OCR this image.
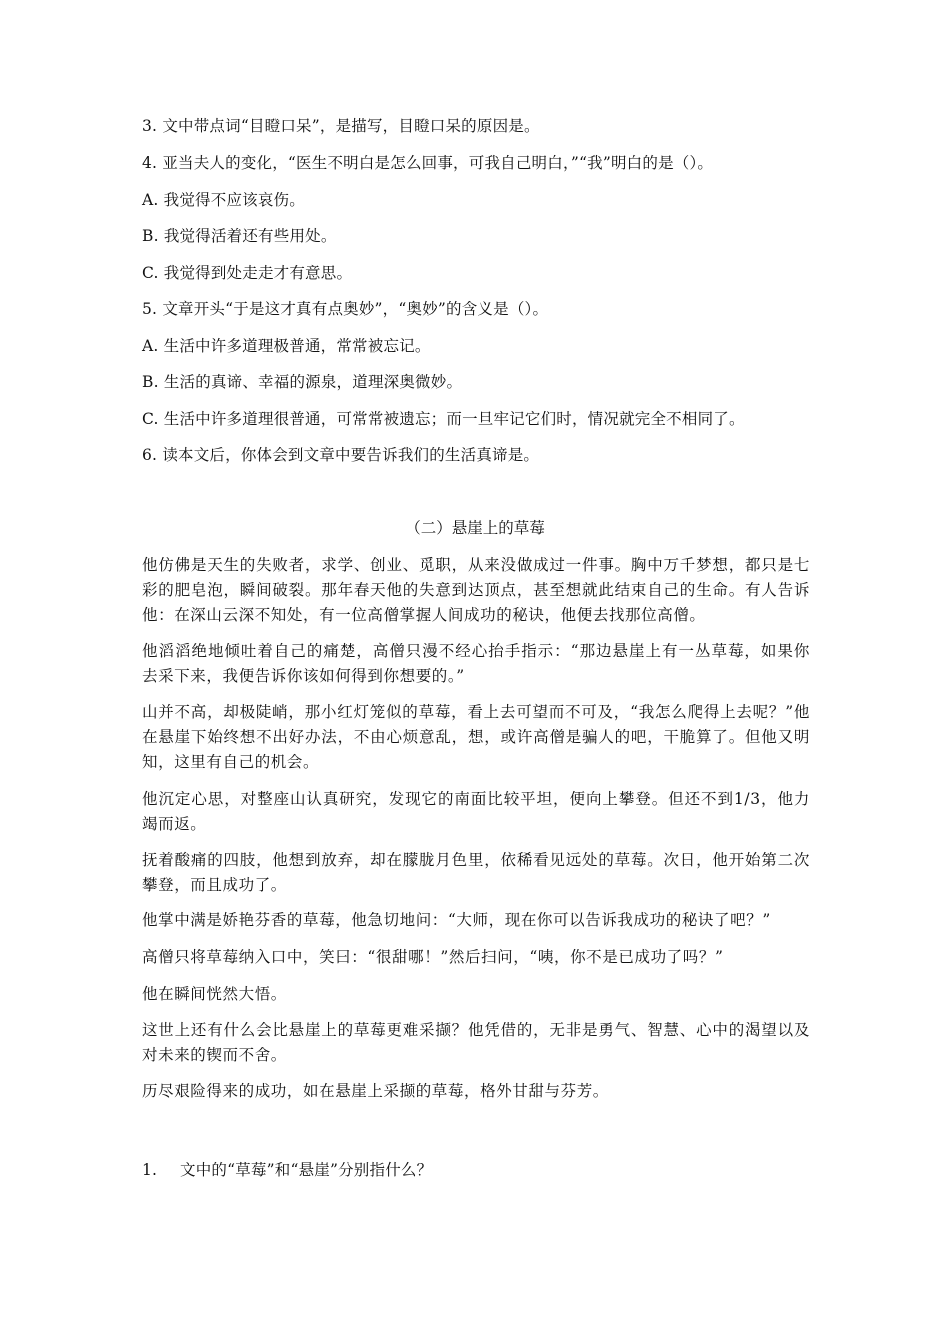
3. 文中带点词“目瞪口呆”，是描写，目瞪口呆的原因是。
4. 亚当夫人的变化，“医生不明白是怎么回事，可我自己明白，”“我”明白的是（）。
A. 我觉得不应该哀伤。
B. 我觉得活着还有些用处。
C. 我觉得到处走走才有意思。
5. 文章开头“于是这才真有点奥妙”，“奥妙”的含义是（）。
A. 生活中许多道理极普通，常常被忘记。
B. 生活的真谛、幸福的源泉，道理深奥微妙。
C. 生活中许多道理很普通，可常常被遗忘；而一旦牢记它们时，情况就完全不相同了。
6. 读本文后，你体会到文章中要告诉我们的生活真谛是。
（二）悬崖上的草莓
他仿佛是天生的失败者，求学、创业、觅职，从来没做成过一件事。胸中万千梦想，都只是七彩的肥皂泡，瞬间破裂。那年春天他的失意到达顶点，甚至想就此结束自己的生命。有人告诉他：在深山云深不知处，有一位高僧掌握人间成功的秘诀，他便去找那位高僧。
他滔滔绝地倾吐着自己的痛楚，高僧只漫不经心抬手指示：“那边悬崖上有一丛草莓，如果你去采下来，我便告诉你该如何得到你想要的。”
山并不高，却极陡峭，那小红灯笼似的草莓，看上去可望而不可及，“我怎么爬得上去呢？”他在悬崖下始终想不出好办法，不由心烦意乱，想，或许高僧是骗人的吧，干脆算了。但他又明知，这里有自己的机会。
他沉定心思，对整座山认真研究，发现它的南面比较平坦，便向上攀登。但还不到1/3，他力竭而返。
抚着酸痛的四肢，他想到放弃，却在朦胧月色里，依稀看见远处的草莓。次日，他开始第二次攀登，而且成功了。
他掌中满是娇艳芬香的草莓，他急切地问：“大师，现在你可以告诉我成功的秘诀了吧？”
高僧只将草莓纳入口中，笑曰：“很甜哪！”然后扫问，“咦，你不是已成功了吗？”
他在瞬间恍然大悟。
这世上还有什么会比悬崖上的草莓更难采撷？他凭借的，无非是勇气、智慧、心中的渴望以及对未来的锲而不舍。
历尽艰险得来的成功，如在悬崖上采撷的草莓，格外甘甜与芬芳。
1. 文中的“草莓”和“悬崖”分别指什么？
